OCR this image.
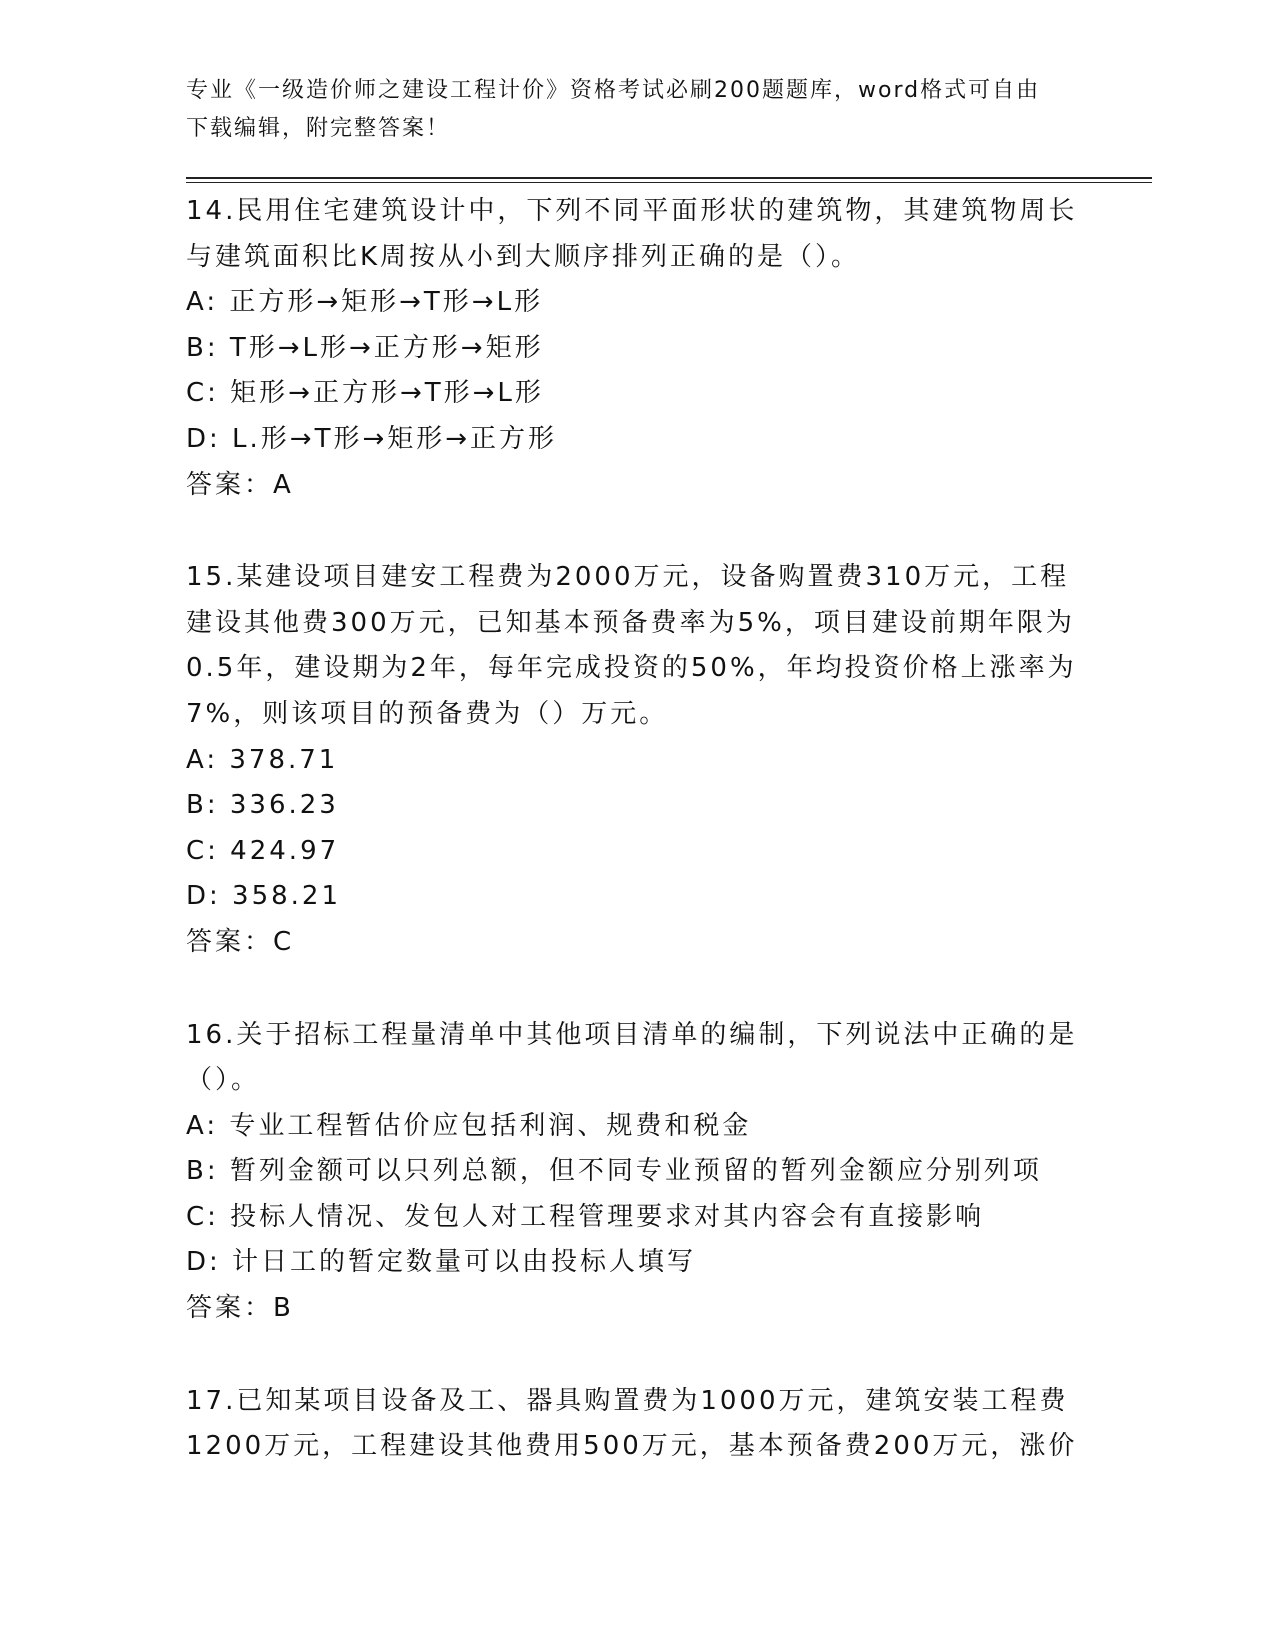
专业《一级造价师之建设工程计价》资格考试必刷200题题库，word格式可自由
下载编辑，附完整答案！
14.民用住宅建筑设计中，下列不同平面形状的建筑物，其建筑物周长
与建筑面积比K周按从小到大顺序排列正确的是（）。
A: 正方形→矩形→T形→L形
B: T形→L形→正方形→矩形
C: 矩形→正方形→T形→L形
D: L.形→T形→矩形→正方形
答案：A
15.某建设项目建安工程费为2000万元，设备购置费310万元，工程
建设其他费300万元，已知基本预备费率为5%，项目建设前期年限为
0.5年，建设期为2年，每年完成投资的50%，年均投资价格上涨率为
7%，则该项目的预备费为（）万元。
A: 378.71
B: 336.23
C: 424.97
D: 358.21
答案：C
16.关于招标工程量清单中其他项目清单的编制，下列说法中正确的是
（）。
A: 专业工程暂估价应包括利润、规费和税金
B: 暂列金额可以只列总额，但不同专业预留的暂列金额应分别列项
C: 投标人情况、发包人对工程管理要求对其内容会有直接影响
D: 计日工的暂定数量可以由投标人填写
答案：B
17.已知某项目设备及工、器具购置费为1000万元，建筑安装工程费
1200万元，工程建设其他费用500万元，基本预备费200万元，涨价
